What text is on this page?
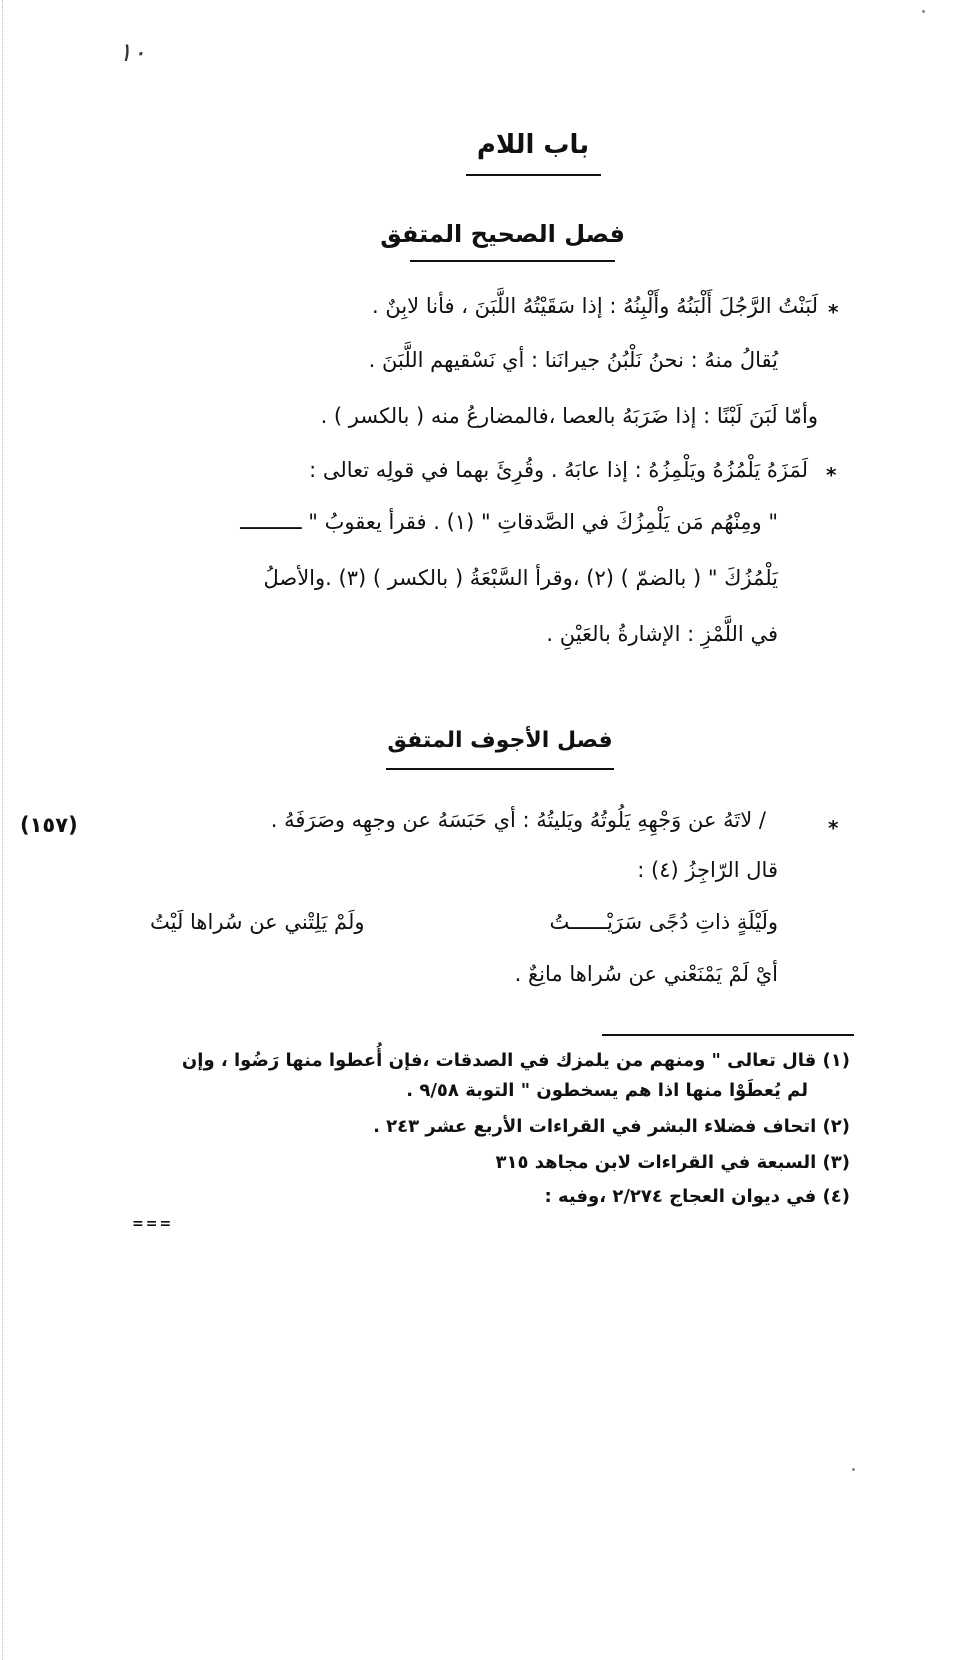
١٠
باب اللام
فصل الصحيح المتفق
*
لَبَنْتُ الرَّجُلَ أَلْبَنُهُ وأَلْبِنُهُ : إذا سَقَيْتُهُ اللَّبَنَ ، فأنا لابِنٌ .
يُقالُ منهُ : نحنُ نَلْبُنُ جيرانَنا : أي نَسْقيهم اللَّبَنَ .
وأمّا لَبَنَ لَبْنًا : إذا ضَرَبَهُ بالعصا ،فالمضارعُ منه ( بالكسر ) .
*
لَمَزَهُ يَلْمُزُهُ ويَلْمِزُهُ : إذا عابَهُ . وقُرِئَ بهما في قولِه تعالى :
" ومِنْهُم مَن يَلْمِزُكَ في الصَّدقاتِ " (١) . فقرأ يعقوبُ " ــــــــــ
يَلْمُزُكَ " ( بالضمّ ) (٢) ،وقرأ السَّبْعَةُ ( بالكسر ) (٣) .والأصلُ
في اللَّمْزِ : الإشارةُ بالعَيْنِ .
فصل الأجوف المتفق
*
/ لاتَهُ عن وَجْهِهِ يَلُوتُهُ ويَليتُهُ : أي حَبَسَهُ عن وجهِه وصَرَفَهُ .
(١٥٧)
قال الرّاجِزُ (٤) :
ولَيْلَةٍ ذاتِ دُجًى سَرَيْــــــتُ
ولَمْ يَلِتْني عن سُراها لَيْتُ
أيْ لَمْ يَمْنَعْني عن سُراها مانِعٌ .
(١) قال تعالى " ومنهم من يلمزك في الصدقات ،فإن أُعطوا منها رَضُوا ، وإن
لم يُعطَوْا منها اذا هم يسخطون " التوبة ٩/٥٨ .
(٢) اتحاف فضلاء البشر في القراءات الأربع عشر ٢٤٣ .
(٣) السبعة في القراءات لابن مجاهد ٣١٥
(٤) في ديوان العجاج ٢/٢٧٤ ،وفيه :
===
